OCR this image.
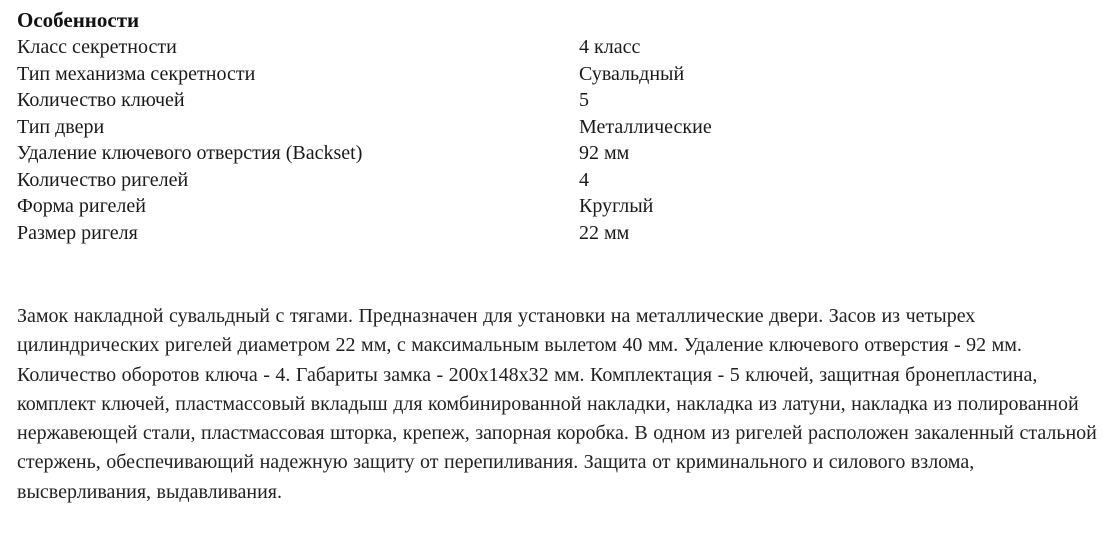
Особенности
Класс секретности	4 класс
Тип механизма секретности	Сувальдный
Количество ключей	5
Тип двери	Металлические
Удаление ключевого отверстия (Backset)	92 мм
Количество ригелей	4
Форма ригелей	Круглый
Размер ригеля	22 мм

Замок накладной сувальдный с тягами. Предназначен для установки на металлические двери. Засов из четырех цилиндрических ригелей диаметром 22 мм, с максимальным вылетом 40 мм. Удаление ключевого отверстия - 92 мм. Количество оборотов ключа - 4. Габариты замка - 200х148х32 мм. Комплектация - 5 ключей, защитная бронепластина, комплект ключей, пластмассовый вкладыш для комбинированной накладки, накладка из латуни, накладка из полированной нержавеющей стали, пластмассовая шторка, крепеж, запорная коробка. В одном из ригелей расположен закаленный стальной стержень, обеспечивающий надежную защиту от перепиливания. Защита от криминального и силового взлома, высверливания, выдавливания.
